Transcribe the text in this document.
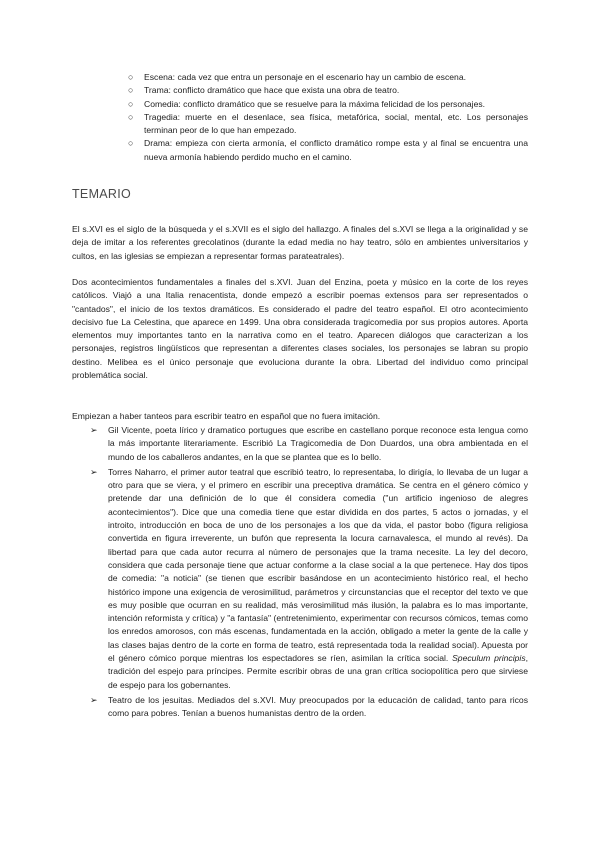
○ Escena: cada vez que entra un personaje en el escenario hay un cambio de escena.
○ Trama: conflicto dramático que hace que exista una obra de teatro.
○ Comedia: conflicto dramático que se resuelve para la máxima felicidad de los personajes.
○ Tragedia: muerte en el desenlace, sea física, metafórica, social, mental, etc. Los personajes terminan peor de lo que han empezado.
○ Drama: empieza con cierta armonía, el conflicto dramático rompe esta y al final se encuentra una nueva armonía habiendo perdido mucho en el camino.
TEMARIO

El s.XVI es el siglo de la búsqueda y el s.XVII es el siglo del hallazgo. A finales del s.XVI se llega a la originalidad y se deja de imitar a los referentes grecolatinos (durante la edad media no hay teatro, sólo en ambientes universitarios y cultos, en las iglesias se empiezan a representar formas parateatrales).

Dos acontecimientos fundamentales a finales del s.XVI. Juan del Enzina, poeta y músico en la corte de los reyes católicos. Viajó a una Italia renacentista, donde empezó a escribir poemas extensos para ser representados o "cantados", el inicio de los textos dramáticos. Es considerado el padre del teatro español. El otro acontecimiento decisivo fue La Celestina, que aparece en 1499. Una obra considerada tragicomedia por sus propios autores. Aporta elementos muy importantes tanto en la narrativa como en el teatro. Aparecen diálogos que caracterizan a los personajes, registros lingüísticos que representan a diferentes clases sociales, los personajes se labran su propio destino. Melibea es el único personaje que evoluciona durante la obra. Libertad del individuo como principal problemática social.

Empiezan a haber tanteos para escribir teatro en español que no fuera imitación.

➢ Gil Vicente, poeta lírico y dramatico portugues que escribe en castellano porque reconoce esta lengua como la más importante literariamente. Escribió La Tragicomedia de Don Duardos, una obra ambientada en el mundo de los caballeros andantes, en la que se plantea que es lo bello.
➢ Torres Naharro, el primer autor teatral que escribió teatro, lo representaba, lo dirigía, lo llevaba de un lugar a otro para que se viera, y el primero en escribir una preceptiva dramática. Se centra en el género cómico y pretende dar una definición de lo que él considera comedia ("un artificio ingenioso de alegres acontecimientos"). Dice que una comedia tiene que estar dividida en dos partes, 5 actos o jornadas, y el introito, introducción en boca de uno de los personajes a los que da vida, el pastor bobo (figura religiosa convertida en figura irreverente, un bufón que representa la locura carnavalesca, el mundo al revés). Da libertad para que cada autor recurra al número de personajes que la trama necesite. La ley del decoro, considera que cada personaje tiene que actuar conforme a la clase social a la que pertenece. Hay dos tipos de comedia: "a noticia" (se tienen que escribir basándose en un acontecimiento histórico real, el hecho histórico impone una exigencia de verosimilitud, parámetros y circunstancias que el receptor del texto ve que es muy posible que ocurran en su realidad, más verosimilitud más ilusión, la palabra es lo mas importante, intención reformista y crítica) y "a fantasía" (entretenimiento, experimentar con recursos cómicos, temas como los enredos amorosos, con más escenas, fundamentada en la acción, obligado a meter la gente de la calle y las clases bajas dentro de la corte en forma de teatro, está representada toda la realidad social). Apuesta por el género cómico porque mientras los espectadores se ríen, asimilan la crítica social. Speculum principis, tradición del espejo para príncipes. Permite escribir obras de una gran crítica sociopolítica pero que sirviese de espejo para los gobernantes.
➢ Teatro de los jesuitas. Mediados del s.XVI. Muy preocupados por la educación de calidad, tanto para ricos como para pobres. Tenían a buenos humanistas dentro de la orden.
